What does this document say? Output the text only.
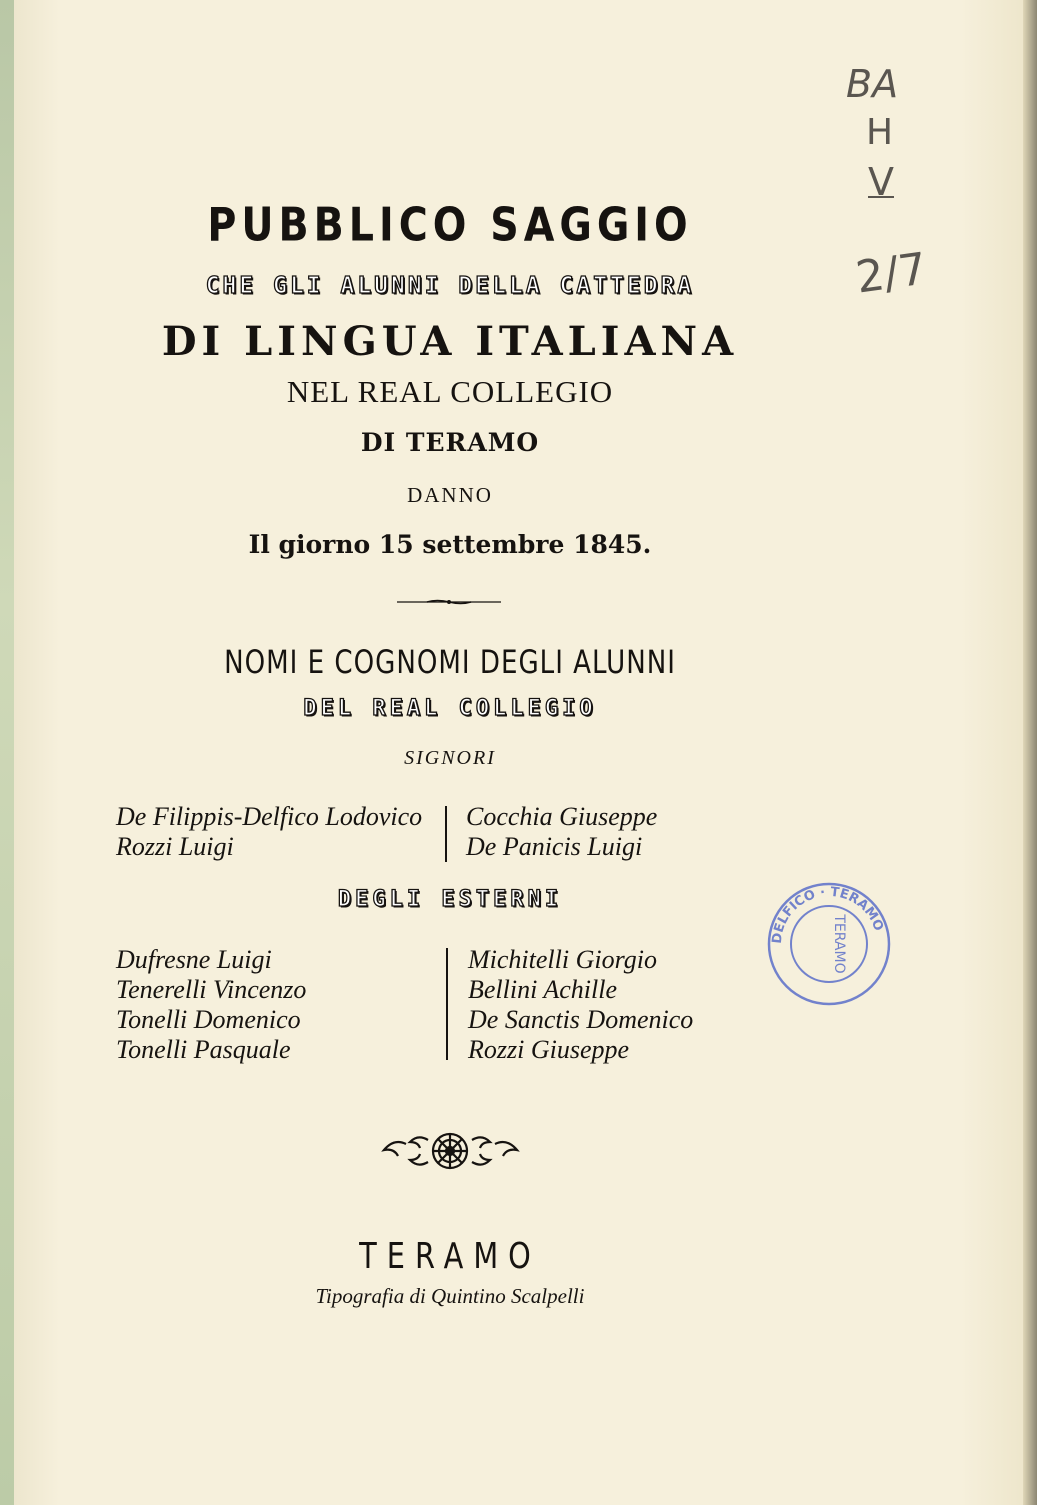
BA
H
V
2/7
PUBBLICO SAGGIO
CHE GLI ALUNNI DELLA CATTEDRA
DI LINGUA ITALIANA
NEL REAL COLLEGIO
DI TERAMO
DANNO
Il giorno 15 settembre 1845.
NOMI E COGNOMI DEGLI ALUNNI
DEL REAL COLLEGIO
SIGNORI
De Filippis-Delfico Lodovico
Rozzi Luigi
Cocchia Giuseppe
De Panicis Luigi
DEGLI ESTERNI
Dufresne Luigi
Tenerelli Vincenzo
Tonelli Domenico
Tonelli Pasquale
Michitelli Giorgio
Bellini Achille
De Sanctis Domenico
Rozzi Giuseppe
DELFICO · TERAMO
TERAMO
TERAMO
Tipografia di Quintino Scalpelli
